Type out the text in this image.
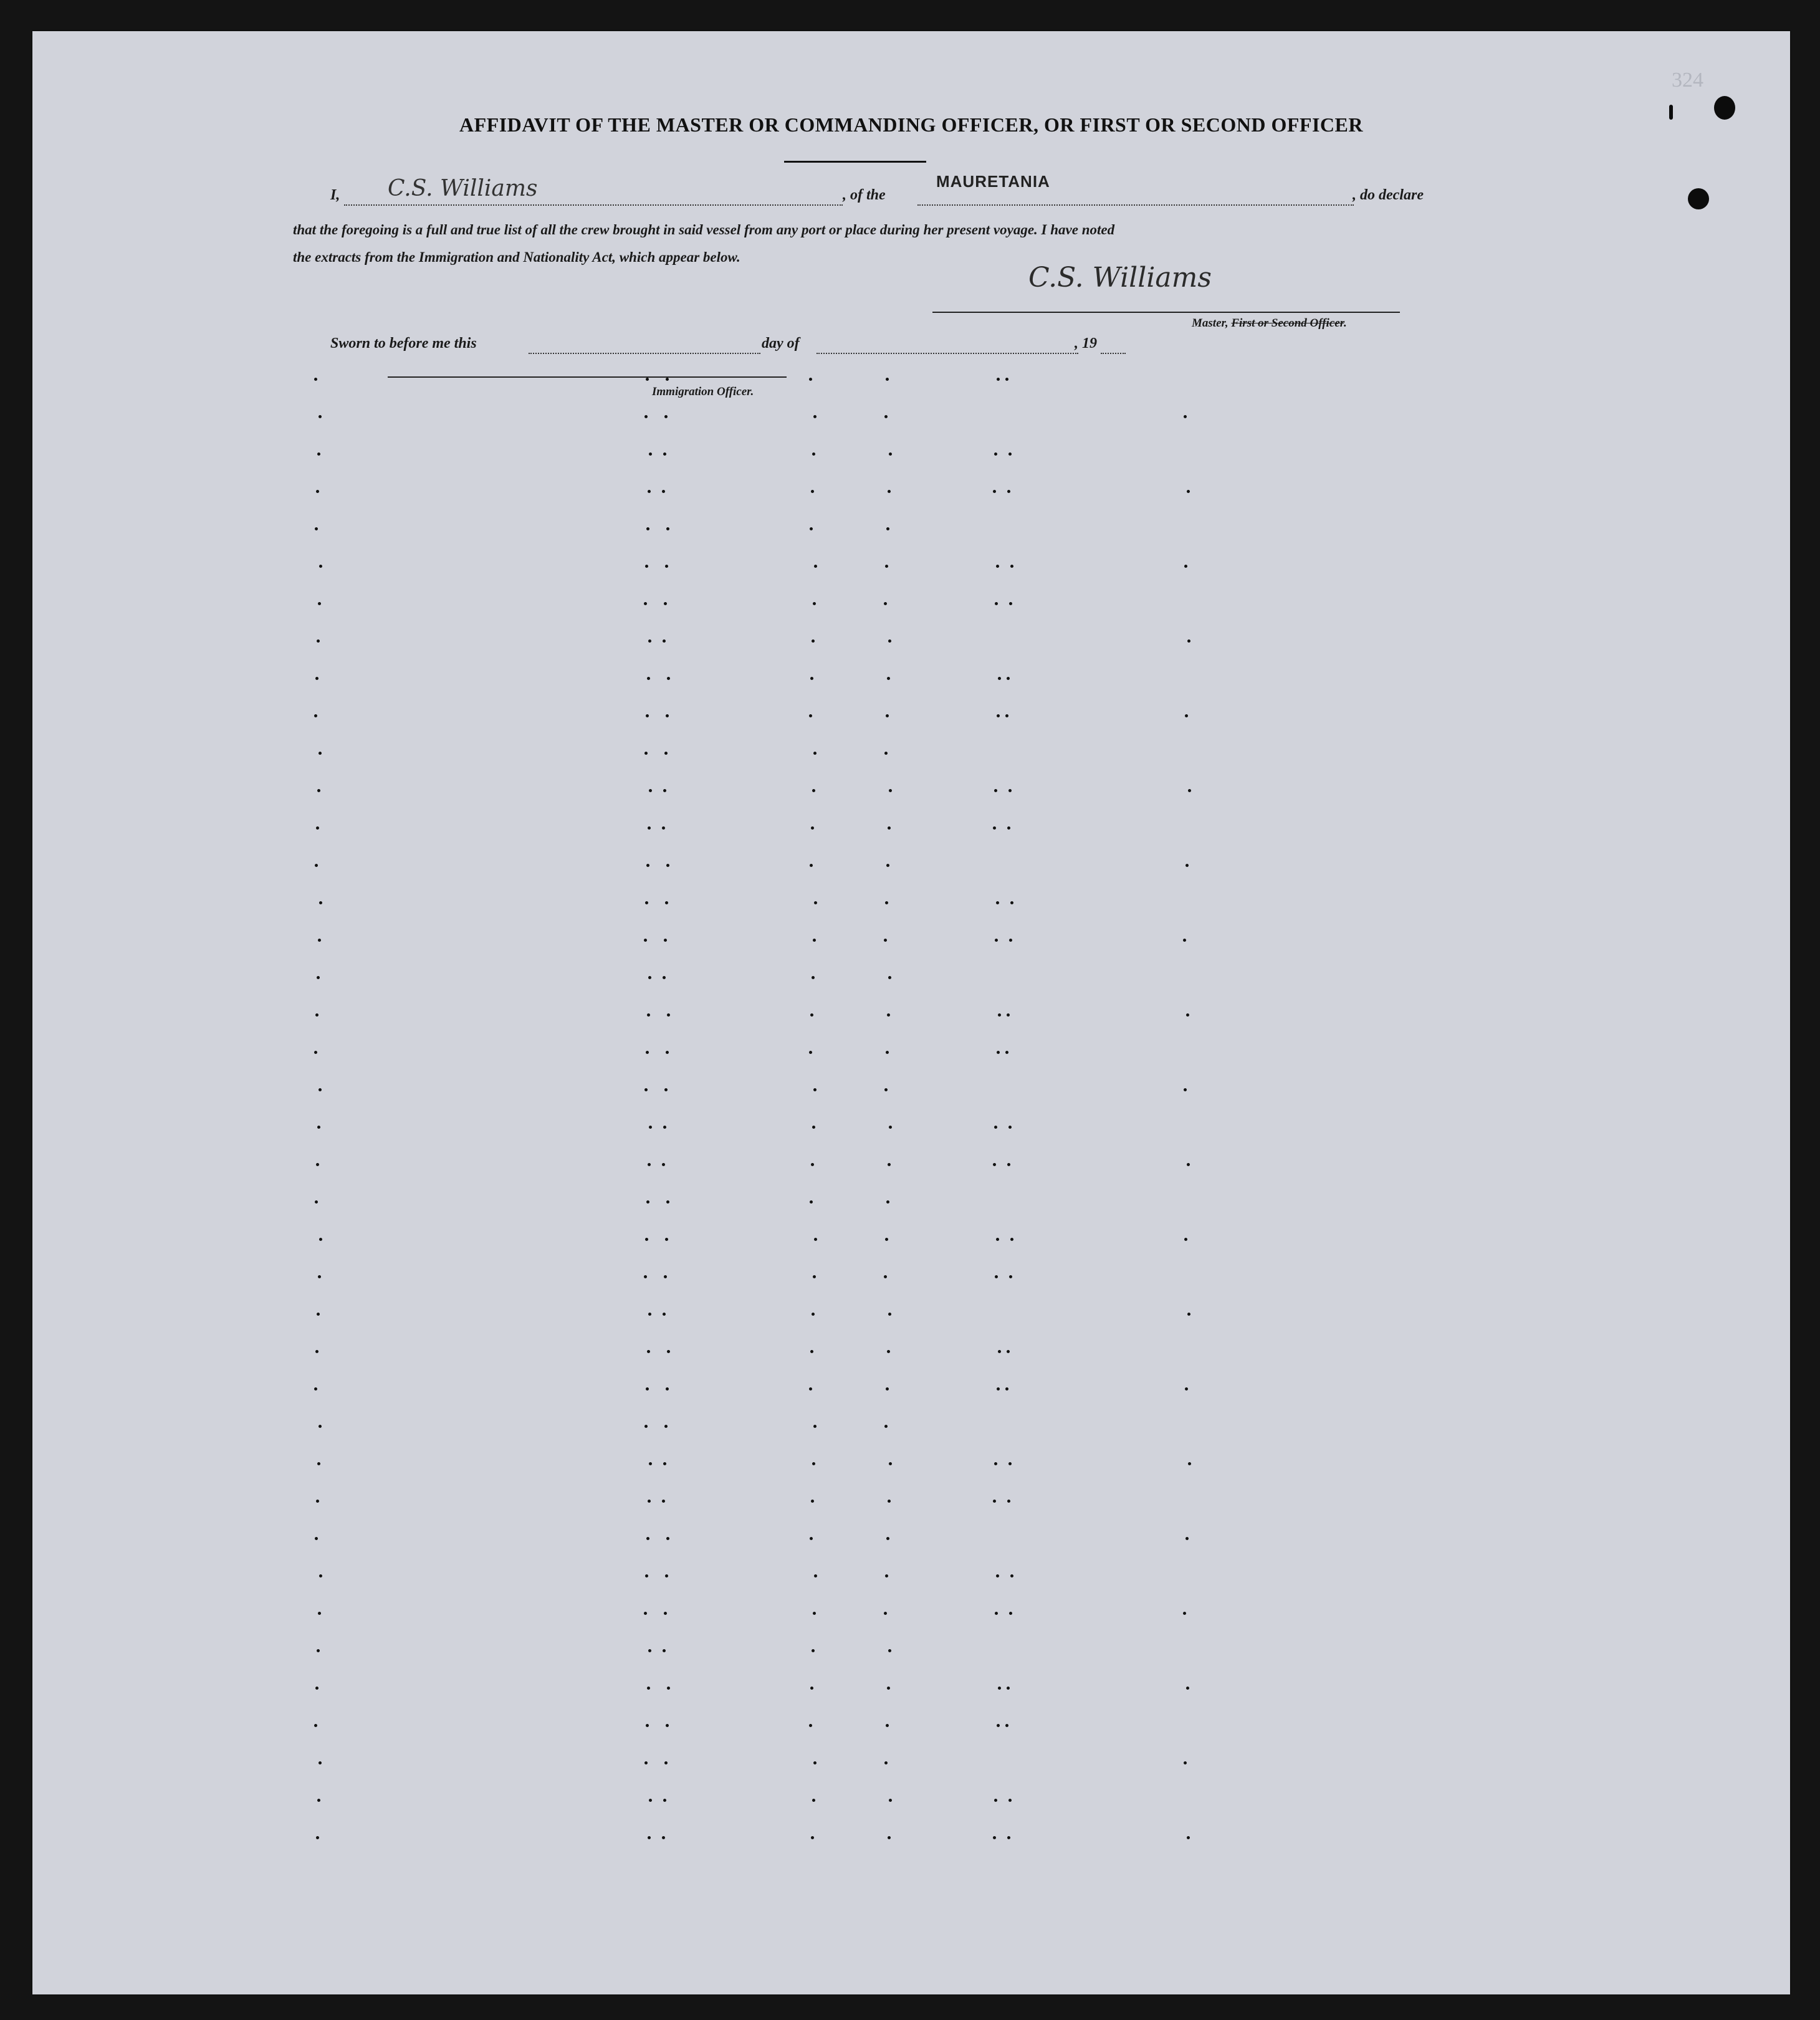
324
AFFIDAVIT OF THE MASTER OR COMMANDING OFFICER, OR FIRST OR SECOND OFFICER
I, C.S. Williams	, of the
MAURETANIA
, do declare
that the foregoing is a full and true list of all the crew brought in said vessel from any port or place during her present voyage. I have noted
the extracts from the Immigration and Nationality Act, which appear below.
C.S. Williams
Master, First or Second Officer.
Sworn to before me this	day of	, 19
Immigration Officer.
